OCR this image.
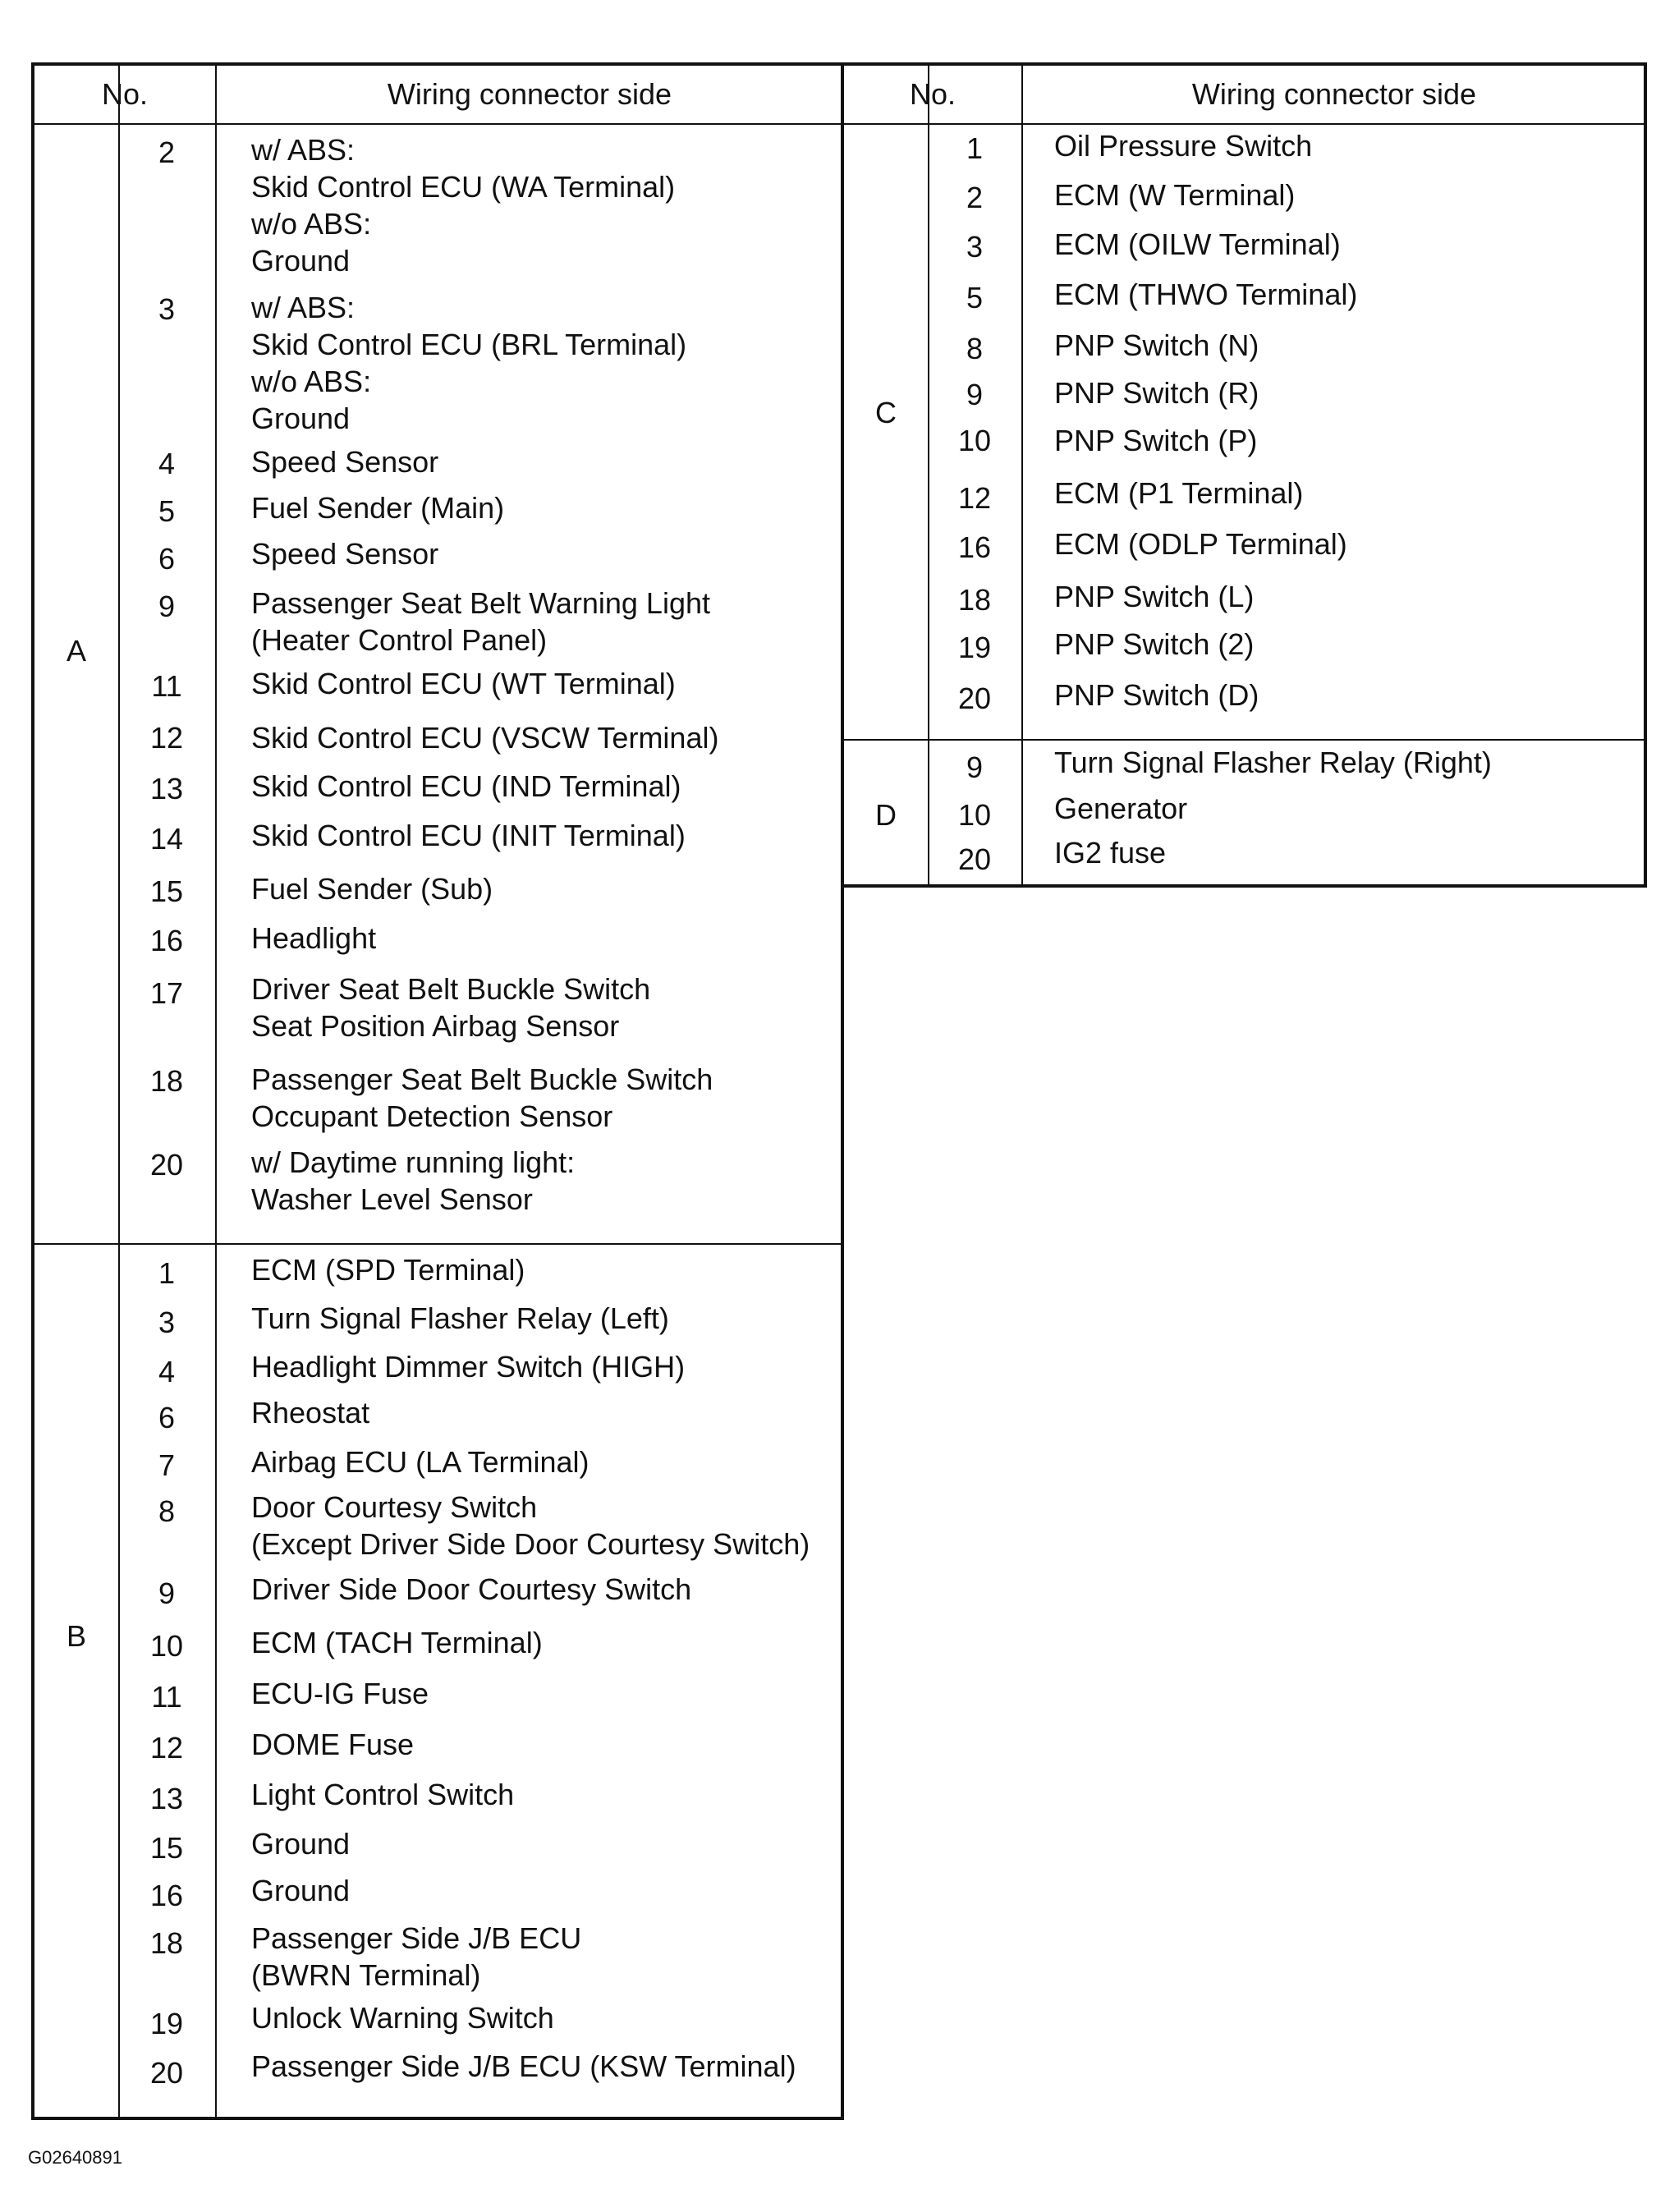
No.	Wiring connector side
A
B
2
3
4
5
6
9
11
12
13
14
15
16
17
18
20
1
3
4
6
7
8
9
10
11
12
13
15
16
18
19
20
w/ ABS:
Skid Control ECU (WA Terminal)
w/o ABS:
Ground
w/ ABS:
Skid Control ECU (BRL Terminal)
w/o ABS:
Ground
Speed Sensor
Fuel Sender (Main)
Speed Sensor
Passenger Seat Belt Warning Light
(Heater Control Panel)
Skid Control ECU (WT Terminal)
Skid Control ECU (VSCW Terminal)
Skid Control ECU (IND Terminal)
Skid Control ECU (INIT Terminal)
Fuel Sender (Sub)
Headlight
Driver Seat Belt Buckle Switch
Seat Position Airbag Sensor
Passenger Seat Belt Buckle Switch
Occupant Detection Sensor
w/ Daytime running light:
Washer Level Sensor
ECM (SPD Terminal)
Turn Signal Flasher Relay (Left)
Headlight Dimmer Switch (HIGH)
Rheostat
Airbag ECU (LA Terminal)
Door Courtesy Switch
(Except Driver Side Door Courtesy Switch)
Driver Side Door Courtesy Switch
ECM (TACH Terminal)
ECU-IG Fuse
DOME Fuse
Light Control Switch
Ground
Ground
Passenger Side J/B ECU
(BWRN Terminal)
Unlock Warning Switch
Passenger Side J/B ECU (KSW Terminal)
No.	Wiring connector side
C
D
1
2
3
5
8
9
10
12
16
18
19
20
9
10
20
Oil Pressure Switch
ECM (W Terminal)
ECM (OILW Terminal)
ECM (THWO Terminal)
PNP Switch (N)
PNP Switch (R)
PNP Switch (P)
ECM (P1 Terminal)
ECM (ODLP Terminal)
PNP Switch (L)
PNP Switch (2)
PNP Switch (D)
Turn Signal Flasher Relay (Right)
Generator
IG2 fuse
G02640891
